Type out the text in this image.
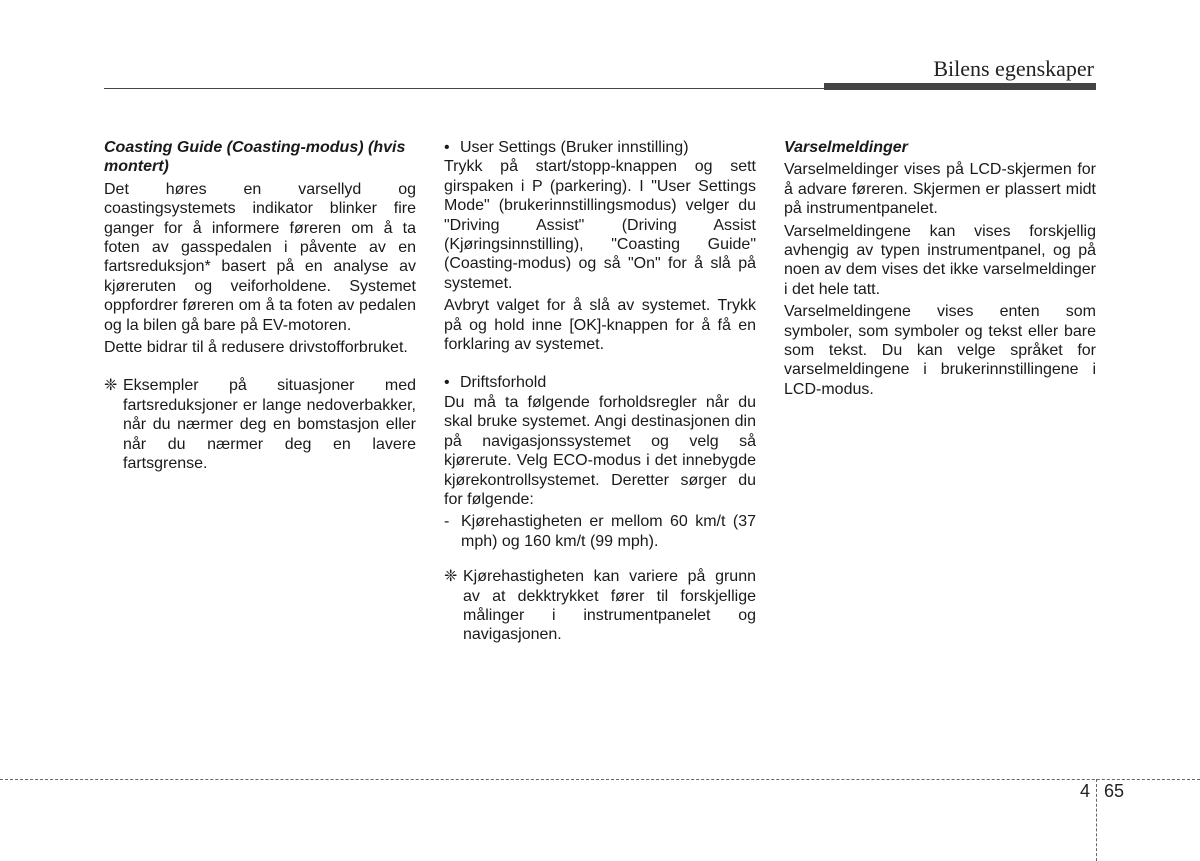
Bilens egenskaper

Coasting Guide (Coasting-modus) (hvis montert)

Det høres en varsellyd og coastingsystemets indikator blinker fire ganger for å informere føreren om å ta foten av gasspedalen i påvente av en fartsreduksjon* basert på en analyse av kjøreruten og veiforholdene. Systemet oppfordrer føreren om å ta foten av pedalen og la bilen gå bare på EV-motoren.

Dette bidrar til å redusere drivstofforbruket.

❈ Eksempler på situasjoner med fartsreduksjoner er lange nedoverbakker, når du nærmer deg en bomstasjon eller når du nærmer deg en lavere fartsgrense.
• User Settings (Bruker innstilling)

Trykk på start/stopp-knappen og sett girspaken i P (parkering). I "User Settings Mode" (brukerinnstillingsmodus) velger du "Driving Assist" (Driving Assist (Kjøringsinnstilling), "Coasting Guide" (Coasting-modus) og så "On" for å slå på systemet.

Avbryt valget for å slå av systemet. Trykk på og hold inne [OK]-knappen for å få en forklaring av systemet.

• Driftsforhold

Du må ta følgende forholdsregler når du skal bruke systemet. Angi destinasjonen din på navigasjonssystemet og velg så kjørerute. Velg ECO-modus i det innebygde kjørekontrollsystemet. Deretter sørger du for følgende:

- Kjørehastigheten er mellom 60 km/t (37 mph) og 160 km/t (99 mph).
❈ Kjørehastigheten kan variere på grunn av at dekktrykket fører til forskjellige målinger i instrumentpanelet og navigasjonen.

Varselmeldinger

Varselmeldinger vises på LCD-skjermen for å advare føreren. Skjermen er plassert midt på instrumentpanelet.

Varselmeldingene kan vises forskjellig avhengig av typen instrumentpanel, og på noen av dem vises det ikke varselmeldinger i det hele tatt.

Varselmeldingene vises enten som symboler, som symboler og tekst eller bare som tekst. Du kan velge språket for varselmeldingene i brukerinnstillingene i LCD-modus.

4 65
